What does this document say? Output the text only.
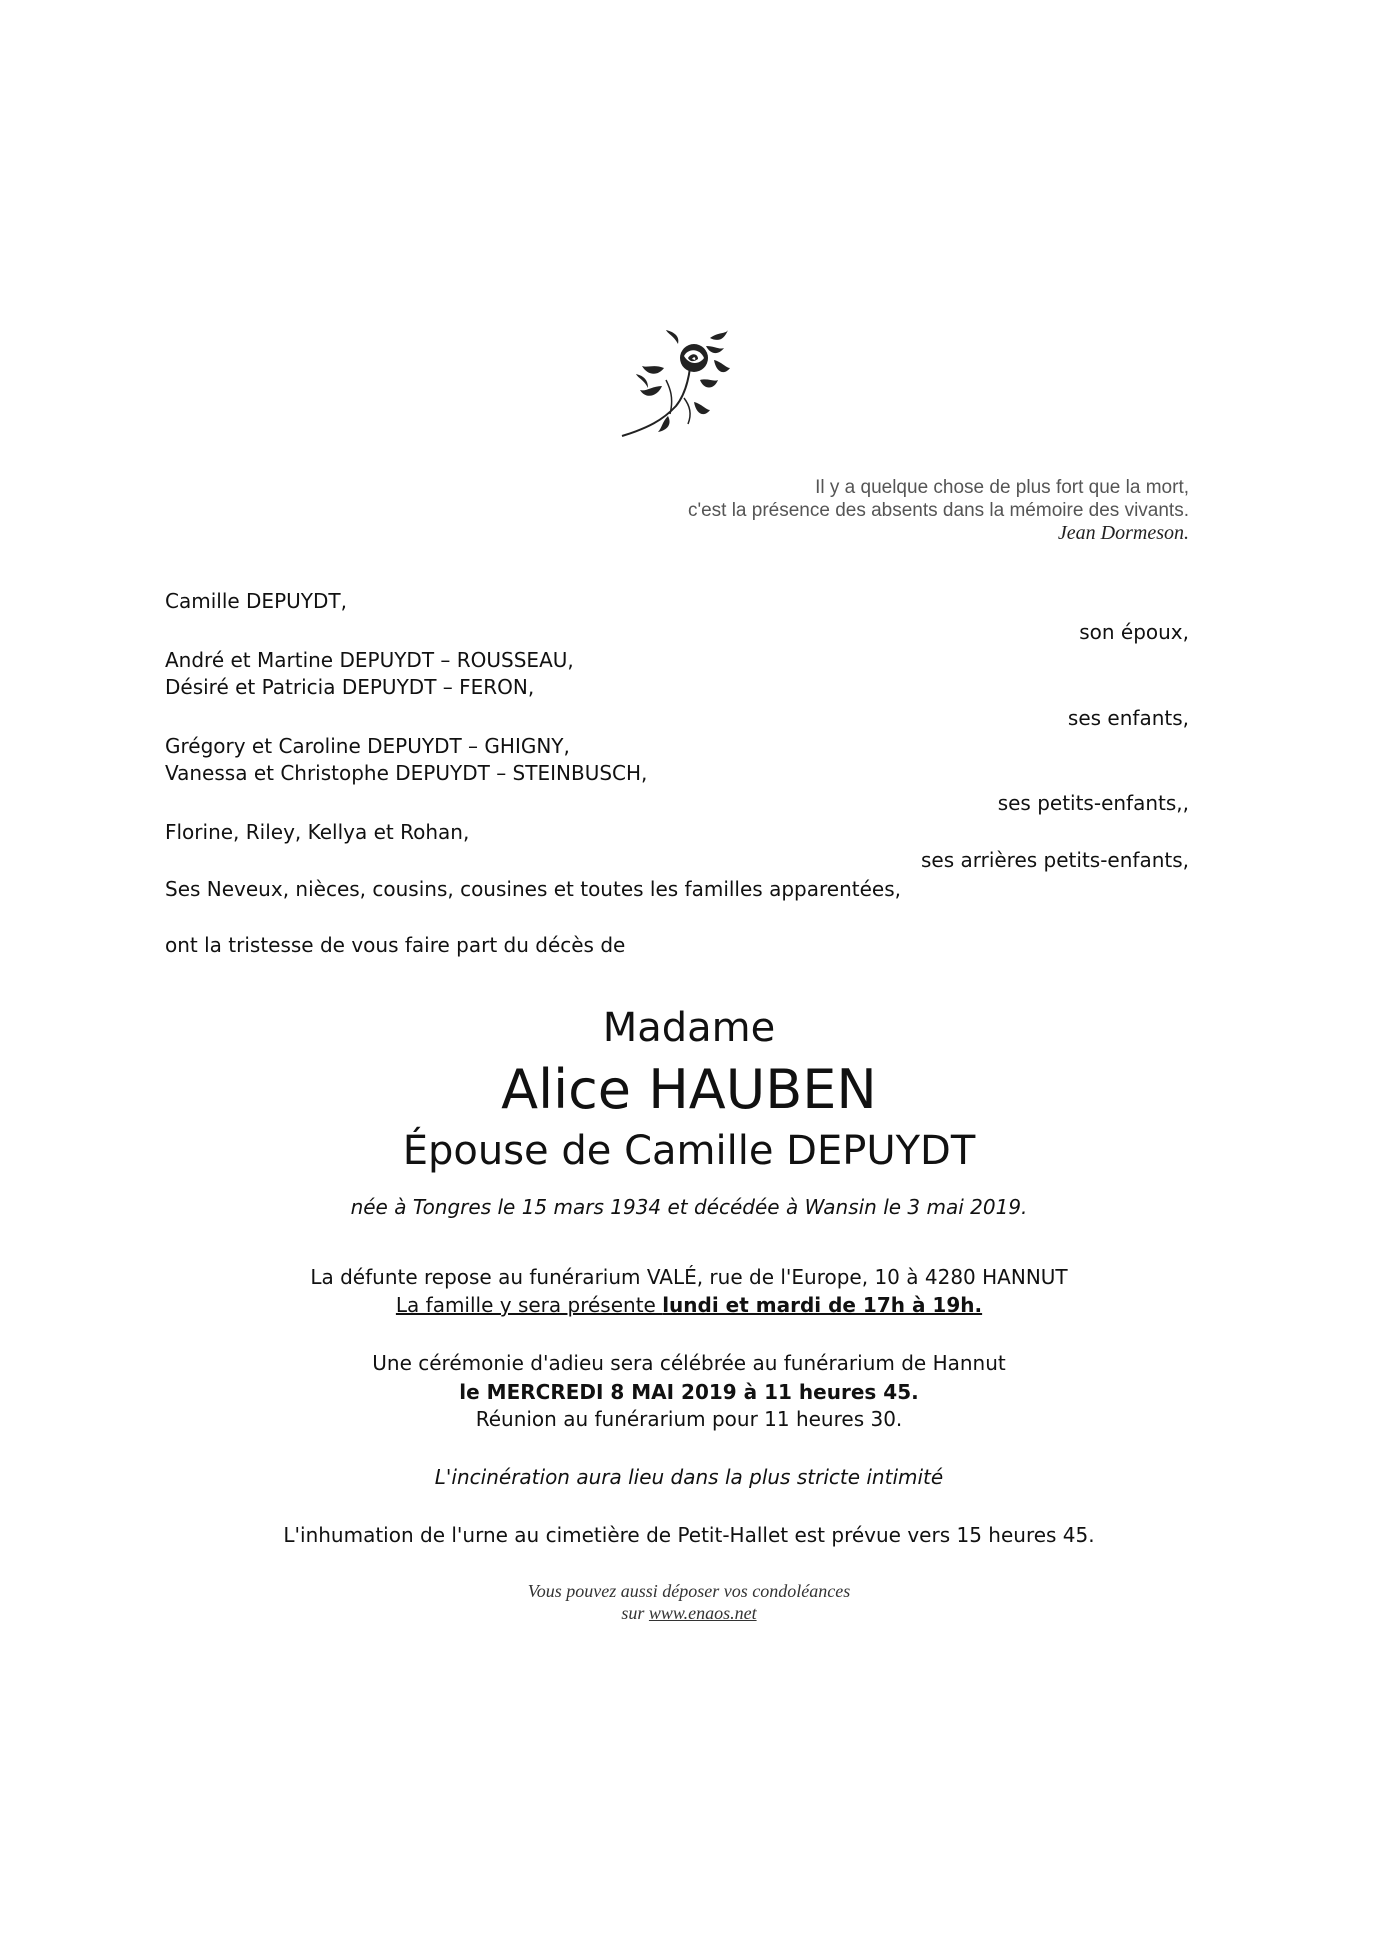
Il y a quelque chose de plus fort que la mort,
c'est la présence des absents dans la mémoire des vivants.
Jean Dormeson.
Camille DEPUYDT,
son époux,
André et Martine DEPUYDT – ROUSSEAU,
Désiré et Patricia DEPUYDT – FERON,
ses enfants,
Grégory et Caroline DEPUYDT – GHIGNY,
Vanessa et Christophe DEPUYDT – STEINBUSCH,
ses petits-enfants,,
Florine, Riley, Kellya et Rohan,
ses arrières petits-enfants,
Ses Neveux, nièces, cousins, cousines et toutes les familles apparentées,
ont la tristesse de vous faire part du décès de
Madame
Alice HAUBEN
Épouse de Camille DEPUYDT
née à Tongres le 15 mars 1934 et décédée à Wansin le 3 mai 2019.
La défunte repose au funérarium VALÉ, rue de l'Europe, 10 à 4280 HANNUT
La famille y sera présente lundi et mardi de 17h à 19h.
Une cérémonie d'adieu sera célébrée au funérarium de Hannut
le MERCREDI 8 MAI 2019 à 11 heures 45.
Réunion au funérarium pour 11 heures 30.
L'incinération aura lieu dans la plus stricte intimité
L'inhumation de l'urne au cimetière de Petit-Hallet est prévue vers 15 heures 45.
Vous pouvez aussi déposer vos condoléances
sur www.enaos.net
